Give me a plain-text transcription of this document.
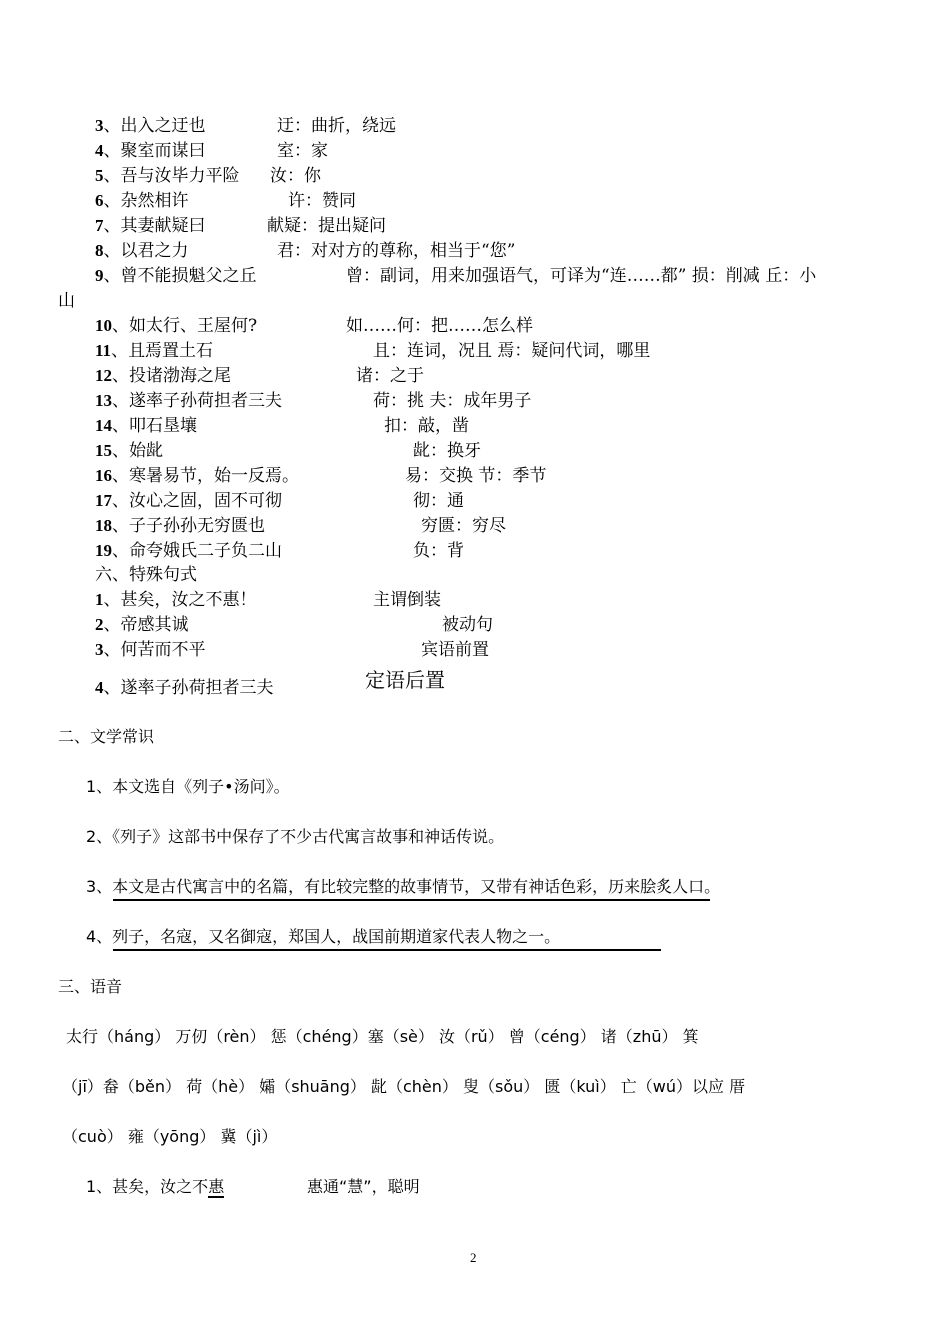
3、出入之迂也	迂：曲折，绕远
4、聚室而谋曰	室：家
5、吾与汝毕力平险 汝：你
6、杂然相许	许：赞同
7、其妻献疑曰	献疑：提出疑问
8、以君之力	君：对对方的尊称，相当于“您”
9、曾不能损魁父之丘	曾：副词，用来加强语气，可译为“连……都” 损：削减 丘：小
山
10、如太行、王屋何?	如……何：把……怎么样
11、且焉置土石	且：连词，况且 焉：疑问代词，哪里
12、投诸渤海之尾	诸：之于
13、遂率子孙荷担者三夫	荷：挑 夫：成年男子
14、叩石垦壤	扣：敲，凿
15、始龀	龀：换牙
16、寒暑易节，始一反焉。	易：交换 节：季节
17、汝心之固，固不可彻	彻：通
18、子子孙孙无穷匮也	穷匮：穷尽
19、命夸娥氏二子负二山	负：背
六、特殊句式
1、甚矣，汝之不惠！	主谓倒装
2、帝感其诚	被动句
3、何苦而不平	宾语前置
4、遂率子孙荷担者三夫	定语后置
二、文学常识
1、本文选自《列子•汤问》。
2、《列子》这部书中保存了不少古代寓言故事和神话传说。
3、本文是古代寓言中的名篇，有比较完整的故事情节，又带有神话色彩，历来脍炙人口。
4、列子，名寇，又名御寇，郑国人，战国前期道家代表人物之一。
三、语音
太行（háng） 万仞（rèn） 惩（chéng）塞（sè） 汝（rǔ） 曾（céng） 诸（zhū） 箕
（jī）畚（běn） 荷（hè） 孀（shuāng） 龀（chèn） 叟（sǒu） 匮（kuì） 亡（wú）以应 厝
（cuò） 雍（yōng） 冀（jì）
1、甚矣，汝之不惠	惠通“慧”，聪明
2
